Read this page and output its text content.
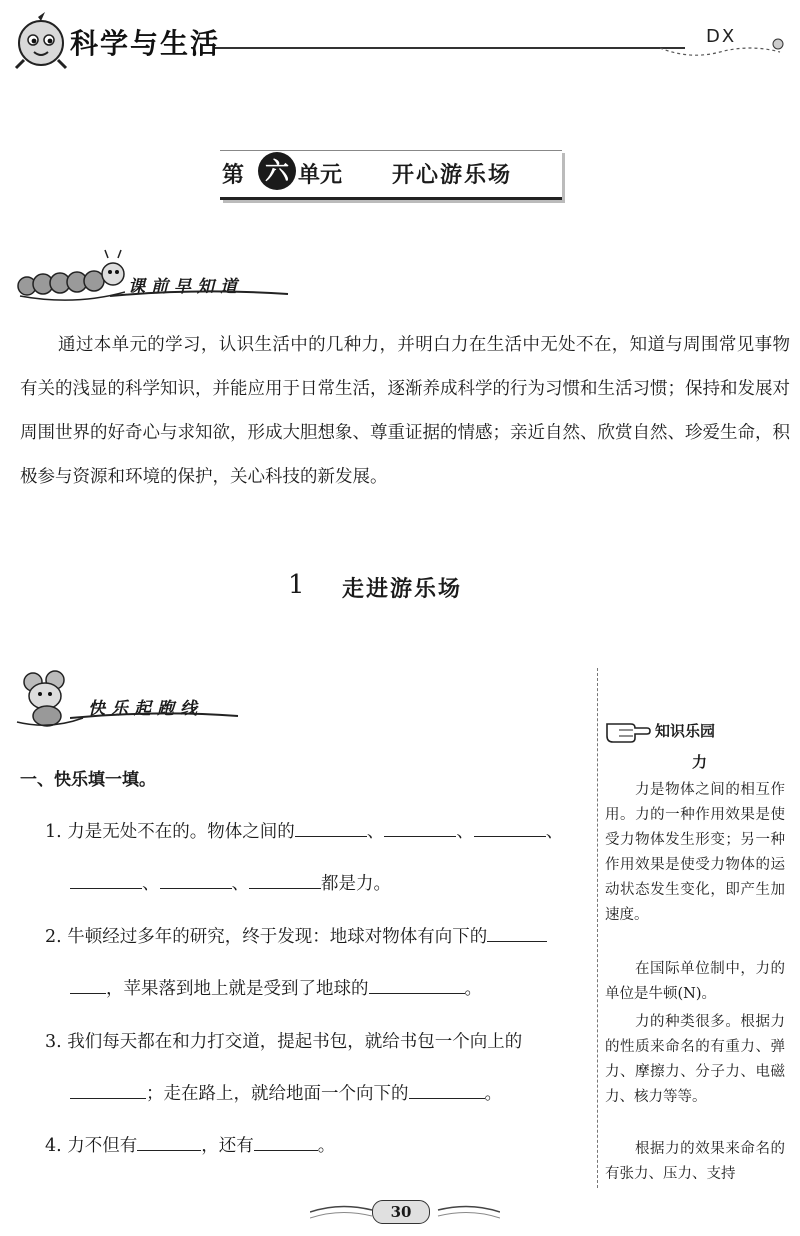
科学与生活	DX
第 六 单元 开心游乐场
课前早知道
通过本单元的学习，认识生活中的几种力，并明白力在生活中无处不在，知道与周围常见事物有关的浅显的科学知识，并能应用于日常生活，逐渐养成科学的行为习惯和生活习惯；保持和发展对周围世界的好奇心与求知欲，形成大胆想象、尊重证据的情感；亲近自然、欣赏自然、珍爱生命，积极参与资源和环境的保护，关心科技的新发展。
1 走进游乐场
快乐起跑线
一、快乐填一填。
1. 力是无处不在的。物体之间的	、	、	、
、	、	都是力。
2. 牛顿经过多年的研究，终于发现：地球对物体有向下的
，苹果落到地上就是受到了地球的	。
3. 我们每天都在和力打交道，提起书包，就给书包一个向上的
；走在路上，就给地面一个向下的	。
4. 力不但有	，还有	。
知识乐园
力
力是物体之间的相互作用。力的一种作用效果是使受力物体发生形变；另一种作用效果是使受力物体的运动状态发生变化，即产生加速度。
在国际单位制中，力的单位是牛顿(N)。
力的种类很多。根据力的性质来命名的有重力、弹力、摩擦力、分子力、电磁力、核力等等。
根据力的效果来命名的有张力、压力、支持
30
